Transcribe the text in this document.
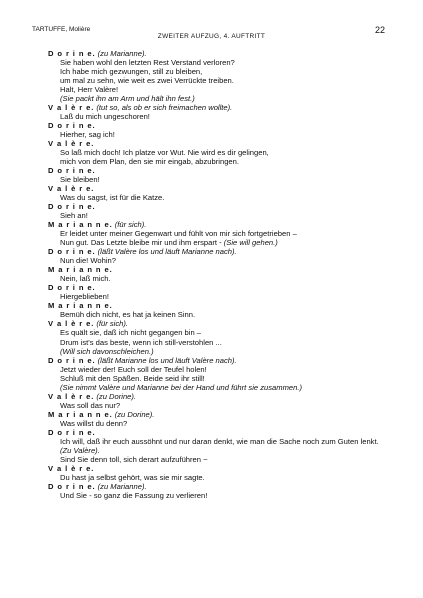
TARTUFFE, Molière
ZWEITER AUFZUG, 4. AUFTRITT
22
D o r i n e. (zu Marianne).
Sie haben wohl den letzten Rest Verstand verloren?
Ich habe mich gezwungen, still zu bleiben,
um mal zu sehn, wie weit es zwei Verrückte treiben.
Halt, Herr Valère!
(Sie packt ihn am Arm und hält ihn fest.)
V a l è r e. (tut so, als ob er sich freimachen wollte).
Laß du mich ungeschoren!
D o r i n e.
Hierher, sag ich!
V a l è r e.
So laß mich doch! Ich platze vor Wut. Nie wird es dir gelingen,
mich von dem Plan, den sie mir eingab, abzubringen.
D o r i n e.
Sie bleiben!
V a l è r e.
Was du sagst, ist für die Katze.
D o r i n e.
Sieh an!
M a r i a n n e. (für sich).
Er leidet unter meiner Gegenwart und fühlt von mir sich fortgetrieben –
Nun gut. Das Letzte bleibe mir und ihm erspart - (Sie will gehen.)
D o r i n e. (läßt Valère los und läuft Marianne nach).
Nun die! Wohin?
M a r i a n n e.
Nein, laß mich.
D o r i n e.
Hiergeblieben!
M a r i a n n e.
Bemüh dich nicht, es hat ja keinen Sinn.
V a l è r e. (für sich).
Es quält sie, daß ich nicht gegangen bin –
Drum ist's das beste, wenn ich still-verstohlen ...
(Will sich davonschleichen.)
D o r i n e. (läßt Marianne los und läuft Valère nach).
Jetzt wieder der! Euch soll der Teufel holen!
Schluß mit den Späßen. Beide seid ihr still!
(Sie nimmt Valère und Marianne bei der Hand und führt sie zusammen.)
V a l è r e. (zu Dorine).
Was soll das nur?
M a r i a n n e. (zu Dorine).
Was willst du denn?
D o r i n e.
Ich will, daß ihr euch aussöhnt und nur daran denkt, wie man die Sache noch zum Guten lenkt.
(Zu Valère).
Sind Sie denn toll, sich derart aufzuführen ~
V a l è r e.
Du hast ja selbst gehört, was sie mir sagte.
D o r i n e. (zu Marianne).
Und Sie - so ganz die Fassung zu verlieren!
